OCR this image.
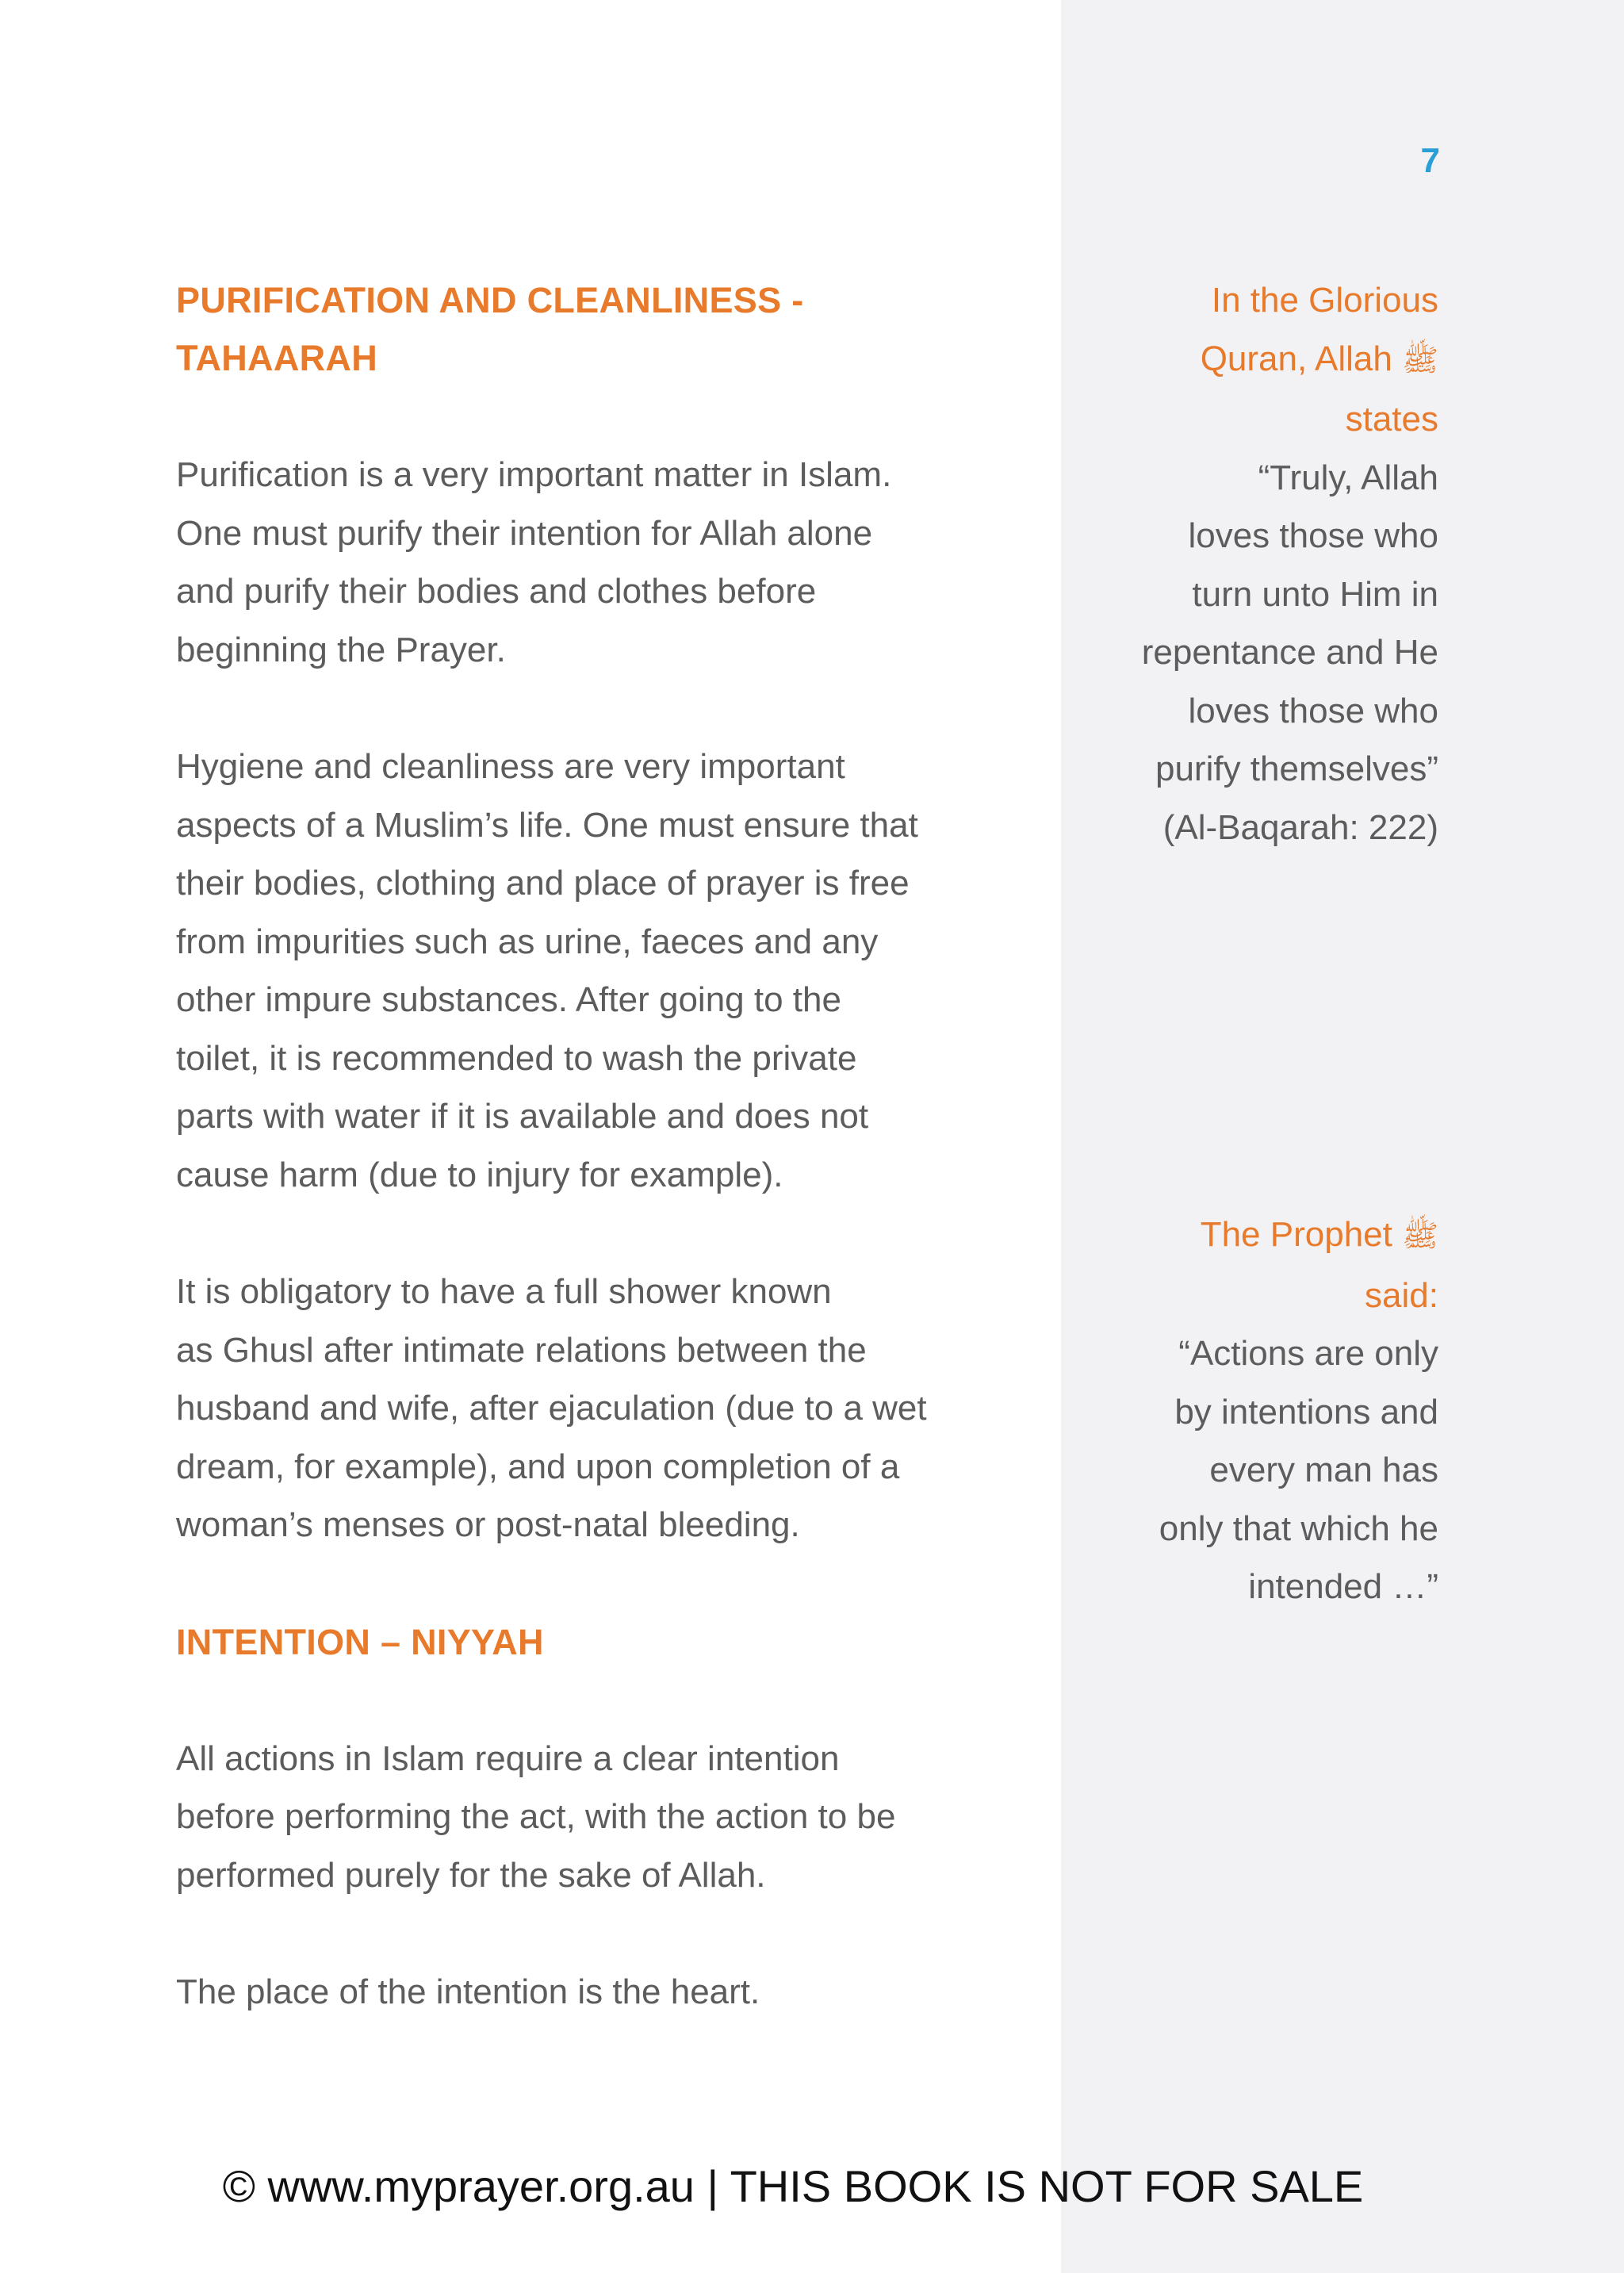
7

PURIFICATION AND CLEANLINESS -
TAHAARAH

Purification is a very important matter in Islam.
One must purify their intention for Allah alone
and purify their bodies and clothes before
beginning the Prayer.

Hygiene and cleanliness are very important
aspects of a Muslim’s life. One must ensure that
their bodies, clothing and place of prayer is free
from impurities such as urine, faeces and any
other impure substances. After going to the
toilet, it is recommended to wash the private
parts with water if it is available and does not
cause harm (due to injury for example).

It is obligatory to have a full shower known
as Ghusl after intimate relations between the
husband and wife, after ejaculation (due to a wet
dream, for example), and upon completion of a
woman’s menses or post-natal bleeding.

INTENTION – NIYYAH

All actions in Islam require a clear intention
before performing the act, with the action to be
performed purely for the sake of Allah.

The place of the intention is the heart.

In the Glorious
Quran, Allah ﷺ
states

“Truly, Allah
loves those who
turn unto Him in
repentance and He
loves those who
purify themselves”
(Al-Baqarah: 222)

The Prophet ﷺ
said:

“Actions are only
by intentions and
every man has
only that which he
intended …”

© www.myprayer.org.au | THIS BOOK IS NOT FOR SALE
